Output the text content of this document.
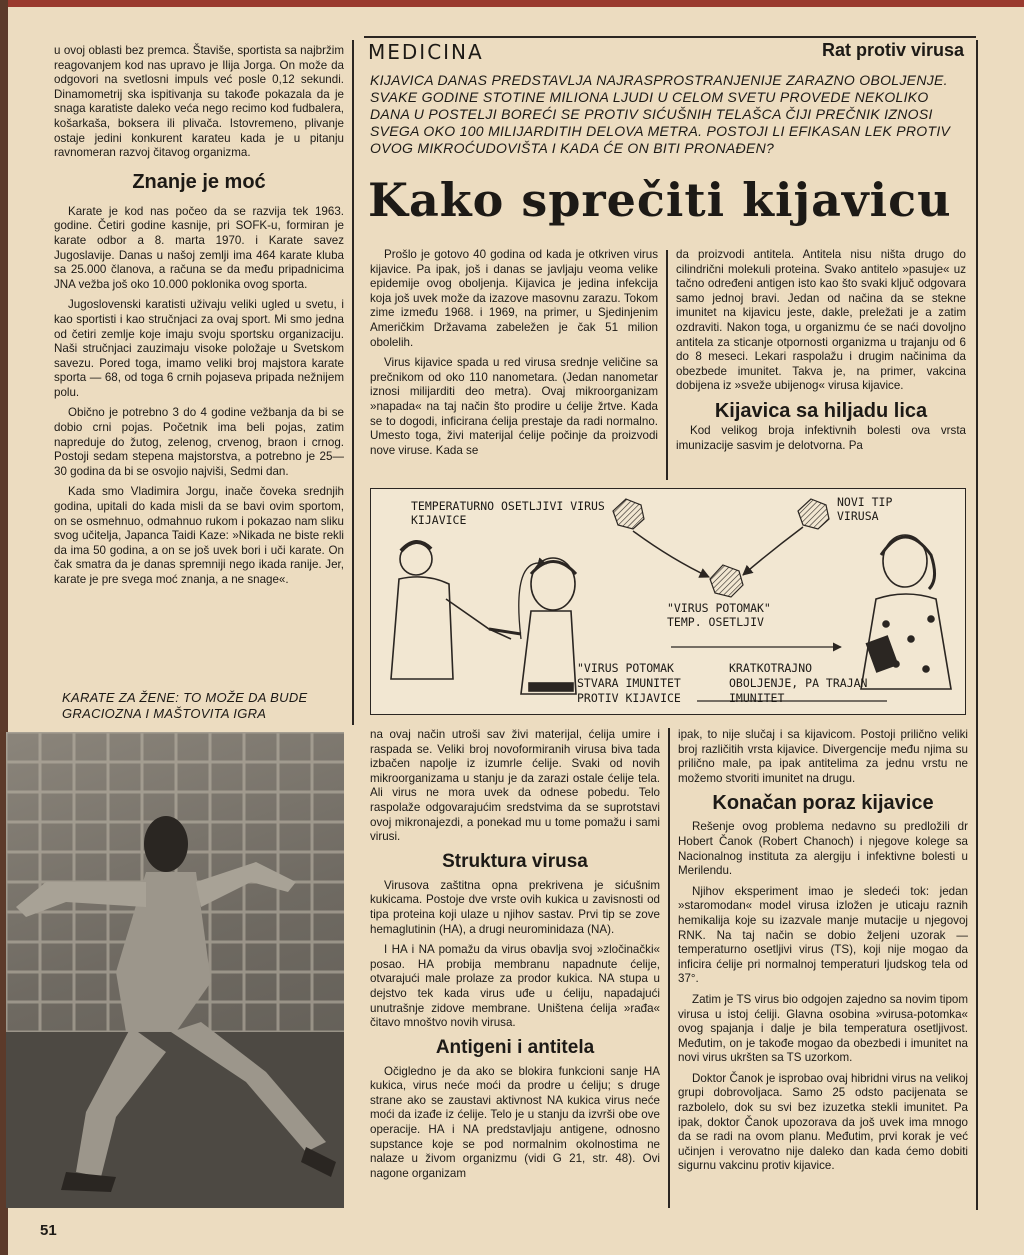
u ovoj oblasti bez premca. Štaviše, sportista sa najbržim reagovanjem kod nas upravo je Ilija Jorga. On može da odgovori na svetlosni impuls već posle 0,12 sekundi. Dinamometrij ska ispitivanja su takođe pokazala da je snaga karatiste daleko veća nego recimo kod fudbalera, košarkaša, boksera ili plivača. Istovremeno, plivanje ostaje jedini konkurent karateu kada je u pitanju ravnomeran razvoj čitavog organizma.

Znanje je moć

Karate je kod nas počeo da se razvija tek 1963. godine. Četiri godine kasnije, pri SOFK-u, formiran je karate odbor a 8. marta 1970. i Karate savez Jugoslavije. Danas u našoj zemlji ima 464 karate kluba sa 25.000 članova, a računa se da među pripadnicima JNA vežba još oko 10.000 poklonika ovog sporta.

Jugoslovenski karatisti uživaju veliki ugled u svetu, i kao sportisti i kao stručnjaci za ovaj sport. Mi smo jedna od četiri zemlje koje imaju svoju sportsku organizaciju. Naši stručnjaci zauzimaju visoke položaje u Svetskom savezu. Pored toga, imamo veliki broj majstora karate sporta — 68, od toga 6 crnih pojaseva pripada nežnijem polu.

Obično je potrebno 3 do 4 godine vežbanja da bi se dobio crni pojas. Početnik ima beli pojas, zatim napreduje do žutog, zelenog, crvenog, braon i crnog. Postoji sedam stepena majstorstva, a potrebno je 25—30 godina da bi se osvojio najviši, Sedmi dan.

Kada smo Vladimira Jorgu, inače čoveka srednjih godina, upitali do kada misli da se bavi ovim sportom, on se osmehnuo, odmahnuo rukom i pokazao nam sliku svog učitelja, Japanca Taidi Kaze: »Nikada ne biste rekli da ima 50 godina, a on se još uvek bori i uči karate. On čak smatra da je danas spremniji nego ikada ranije. Jer, karate je pre svega moć znanja, a ne snage«.

KARATE ZA ŽENE: TO MOŽE DA BUDE GRACIOZNA I MAŠTOVITA IGRA
51
MEDICINA	Rat protiv virusa
KIJAVICA DANAS PREDSTAVLJA NAJRASPROSTRANJENIJE ZARAZNO OBOLJENJE. SVAKE GODINE STOTINE MILIONA LJUDI U CELOM SVETU PROVEDE NEKOLIKO DANA U POSTELJI BOREĆI SE PROTIV SIĆUŠNIH TELAŠCA ČIJI PREČNIK IZNOSI SVEGA OKO 100 MILIJARDITIH DELOVA METRA. POSTOJI LI EFIKASAN LEK PROTIV OVOG MIKROĆUDOVIŠTA I KADA ĆE ON BITI PRONAĐEN?
Kako sprečiti kijavicu

Prošlo je gotovo 40 godina od kada je otkriven virus kijavice. Pa ipak, još i danas se javljaju veoma velike epidemije ovog oboljenja. Kijavica je jedina infekcija koja još uvek može da izazove masovnu zarazu. Tokom zime između 1968. i 1969, na primer, u Sjedinjenim Američkim Državama zabeležen je čak 51 milion obolelih.

Virus kijavice spada u red virusa srednje veličine sa prečnikom od oko 110 nanometara. (Jedan nanometar iznosi milijarditi deo metra). Ovaj mikroorganizam »napada« na taj način što prodire u ćelije žrtve. Kada se to dogodi, inficirana ćelija prestaje da radi normalno. Umesto toga, živi materijal ćelije počinje da proizvodi nove viruse. Kada se

da proizvodi antitela. Antitela nisu ništa drugo do cilindrični molekuli proteina. Svako antitelo »pasuje« uz tačno određeni antigen isto kao što svaki ključ odgovara samo jednoj bravi. Jedan od načina da se stekne imunitet na kijavicu jeste, dakle, preležati je a zatim ozdraviti. Nakon toga, u organizmu će se naći dovoljno antitela za sticanje otpornosti organizma u trajanju od 6 do 8 meseci. Lekari raspolažu i drugim načinima da obezbede imunitet. Takva je, na primer, vakcina dobijena iz »sveže ubijenog« virusa kijavice.

Kijavica sa hiljadu lica

Kod velikog broja infektivnih bolesti ova vrsta imunizacije sasvim je delotvorna. Pa

TEMPERATURNO OSETLJIVI VIRUS KIJAVICE
NOVI TIP
VIRUSA
"VIRUS POTOMAK"
TEMP. OSETLJIV
"VIRUS POTOMAK STVARA IMUNITET PROTIV KIJAVICE
KRATKOTRAJNO OBOLJENJE, PA TRAJAN IMUNITET

na ovaj način utroši sav živi materijal, ćelija umire i raspada se. Veliki broj novoformiranih virusa biva tada izbačen napolje iz izumrle ćelije. Svaki od novih mikroorganizama u stanju je da zarazi ostale ćelije tela. Ali virus ne mora uvek da odnese pobedu. Telo raspolaže odgovarajućim sredstvima da se suprotstavi ovoj mikronajezdi, a ponekad mu u tome pomažu i sami virusi.

Struktura virusa

Virusova zaštitna opna prekrivena je sićušnim kukicama. Postoje dve vrste ovih kukica u zavisnosti od tipa proteina koji ulaze u njihov sastav. Prvi tip se zove hemaglutinin (HA), a drugi neurominidaza (NA).

I HA i NA pomažu da virus obavlja svoj »zločinački« posao. HA probija membranu napadnute ćelije, otvarajući male prolaze za prodor kukica. NA stupa u dejstvo tek kada virus uđe u ćeliju, napadajući unutrašnje zidove membrane. Uništena ćelija »rađa« čitavo mnoštvo novih virusa.

Antigeni i antitela

Očigledno je da ako se blokira funkcioni sanje HA kukica, virus neće moći da prodre u ćeliju; s druge strane ako se zaustavi aktivnost NA kukica virus neće moći da izađe iz ćelije. Telo je u stanju da izvrši obe ove operacije. HA i NA predstavljaju antigene, odnosno supstance koje se pod normalnim okolnostima ne nalaze u živom organizmu (vidi G 21, str. 48). Ovi nagone organizam

ipak, to nije slučaj i sa kijavicom. Postoji prilično veliki broj različitih vrsta kijavice. Divergencije među njima su prilično male, pa ipak antitelima za jednu vrstu ne možemo stvoriti imunitet na drugu.

Konačan poraz kijavice

Rešenje ovog problema nedavno su predložili dr Hobert Čanok (Robert Chanoch) i njegove kolege sa Nacionalnog instituta za alergiju i infektivne bolesti u Merilendu.

Njihov eksperiment imao je sledeći tok: jedan »staromodan« model virusa izložen je uticaju raznih hemikalija koje su izazvale manje mutacije u njegovoj RNK. Na taj način se dobio željeni uzorak — temperaturno osetljivi virus (TS), koji nije mogao da inficira ćelije pri normalnoj temperaturi ljudskog tela od 37°.

Zatim je TS virus bio odgojen zajedno sa novim tipom virusa u istoj ćeliji. Glavna osobina »virusa-potomka« ovog spajanja i dalje je bila temperatura osetljivost. Međutim, on je takođe mogao da obezbedi i imunitet na novi virus ukršten sa TS uzorkom.

Doktor Čanok je isprobao ovaj hibridni virus na velikoj grupi dobrovoljaca. Samo 25 odsto pacijenata se razbolelo, dok su svi bez izuzetka stekli imunitet. Pa ipak, doktor Čanok upozorava da još uvek ima mnogo da se radi na ovom planu. Međutim, prvi korak je već učinjen i verovatno nije daleko dan kada ćemo dobiti sigurnu vakcinu protiv kijavice.
